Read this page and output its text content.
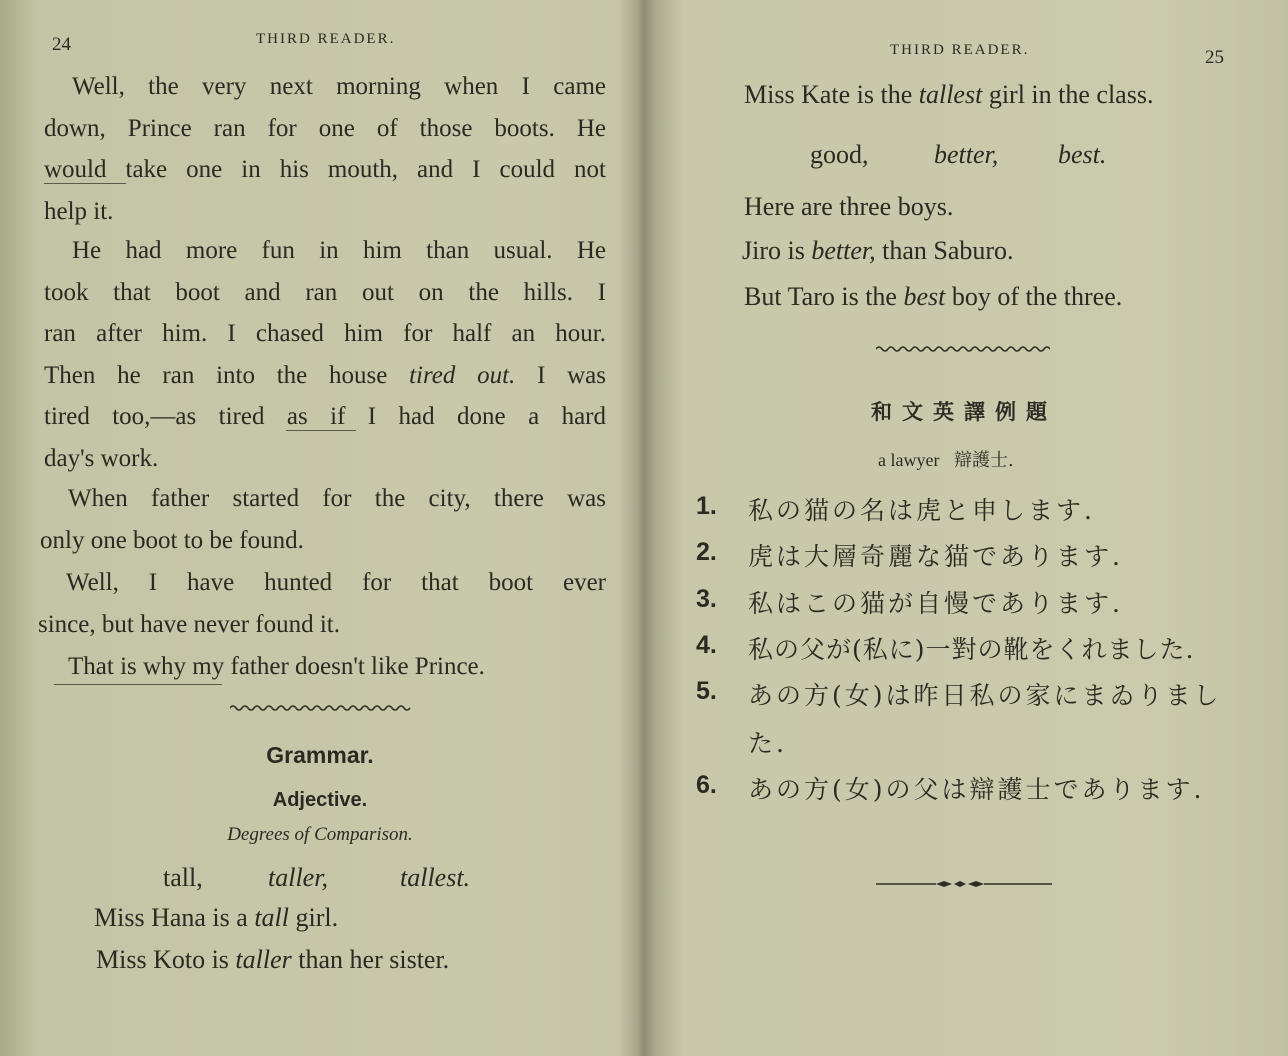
24	THIRD READER.
Well, the very next morning when I came
down, Prince ran for one of those boots. He
would take one in his mouth, and I could not
help it.
He had more fun in him than usual. He
took that boot and ran out on the hills. I
ran after him. I chased him for half an hour.
Then he ran into the house tired out. I was
tired too,—as tired as if I had done a hard
day's work.
When father started for the city, there was
only one boot to be found.
Well, I have hunted for that boot ever
since, but have never found it.
That is why my father doesn't like Prince.
Grammar.
Adjective.
Degrees of Comparison.
tall,	taller,	tallest.
Miss Hana is a tall girl.
Miss Koto is taller than her sister.
THIRD READER.	25
Miss Kate is the tallest girl in the class.
good,	better, best.
Here are three boys.
Jiro is better, than Saburo.
But Taro is the best boy of the three.
和文英譯例題
a lawyer 辯護士.
1. 私の猫の名は虎と申します.
2. 虎は大層奇麗な猫であります.
3. 私はこの猫が自慢であります.
4. 私の父が(私に)一對の靴をくれました.
5. あの方(女)は昨日私の家にまゐりまし
た.
6. あの方(女)の父は辯護士であります.
